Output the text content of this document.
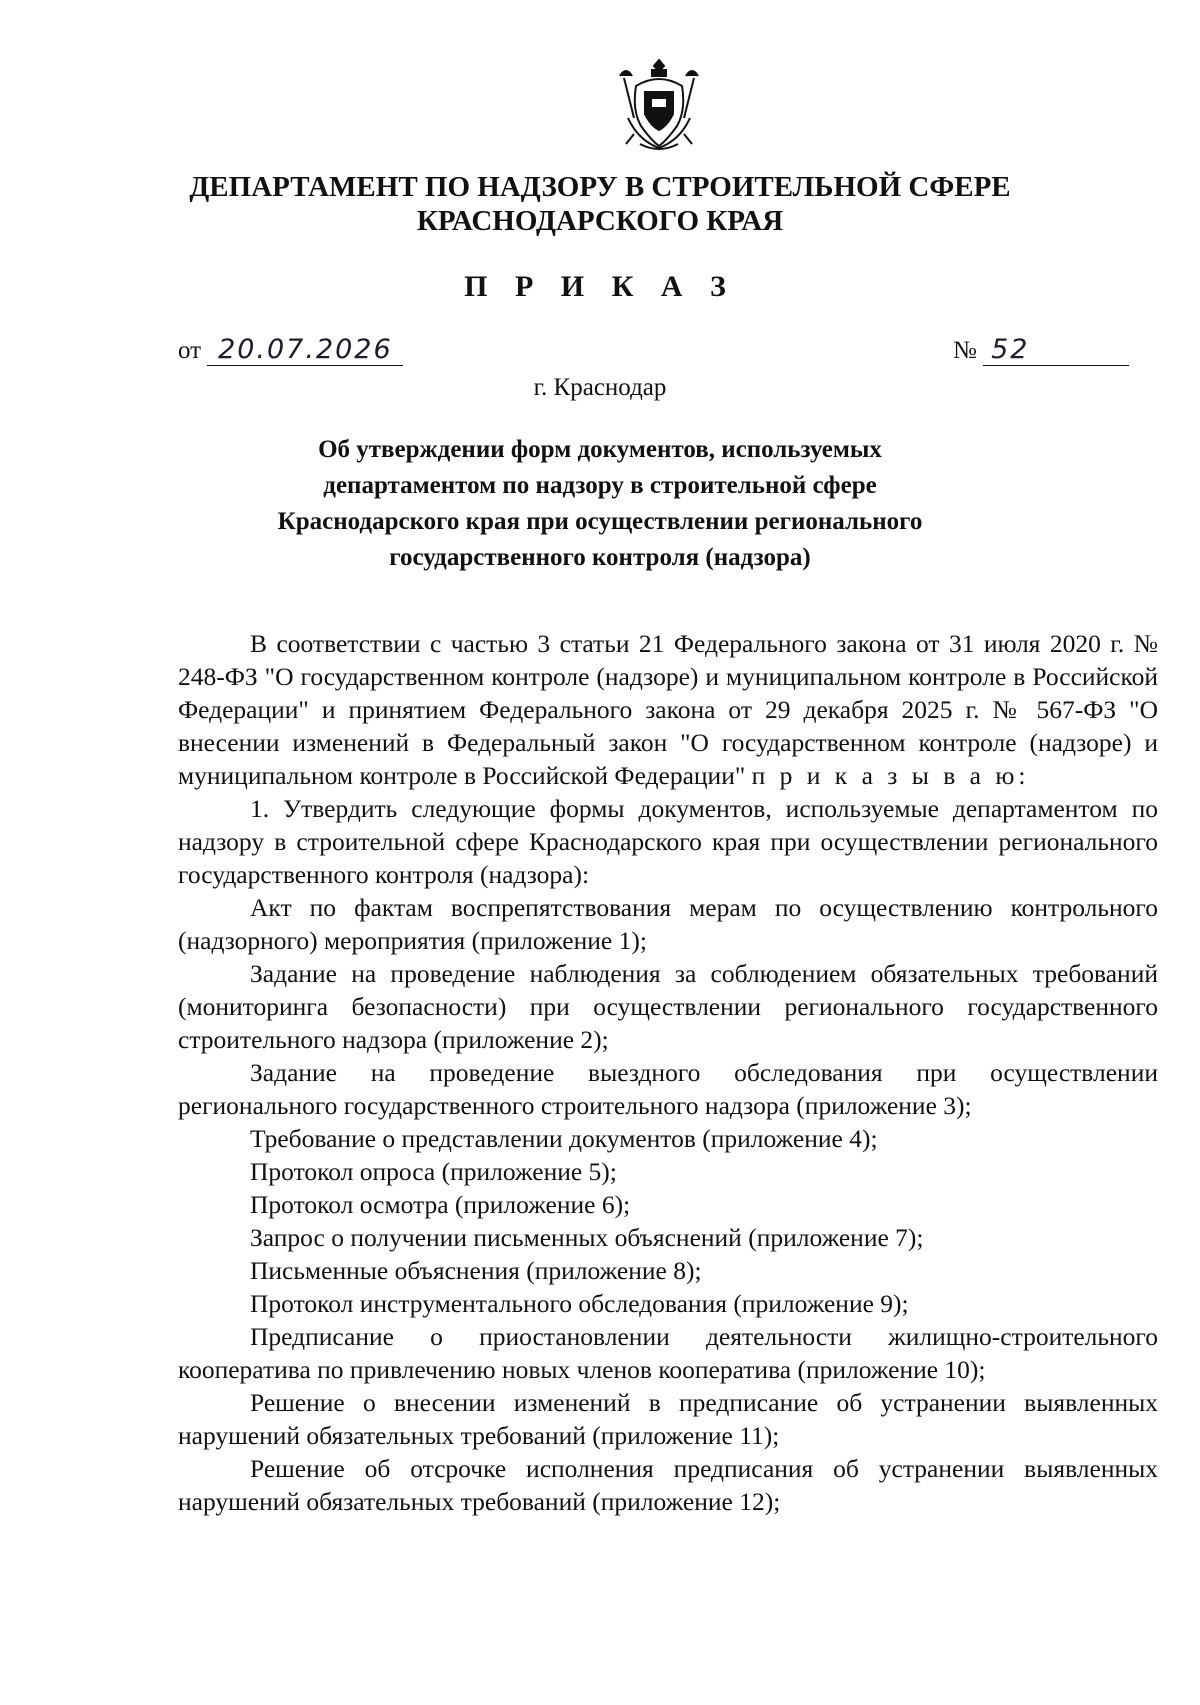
ДЕПАРТАМЕНТ ПО НАДЗОРУ В СТРОИТЕЛЬНОЙ СФЕРЕ
КРАСНОДАРСКОГО КРАЯ
П Р И К А З
от 20.07.2026	№ 52
г. Краснодар
Об утверждении форм документов, используемых
департаментом по надзору в строительной сфере
Краснодарского края при осуществлении регионального
государственного контроля (надзора)

В соответствии с частью 3 статьи 21 Федерального закона от 31 июля 2020 г. № 248-ФЗ "О государственном контроле (надзоре) и муниципальном контроле в Российской Федерации" и принятием Федерального закона от 29 декабря 2025 г. № 567-ФЗ "О внесении изменений в Федеральный закон "О государственном контроле (надзоре) и муниципальном контроле в Российской Федерации" п р и к а з ы в а ю:

1. Утвердить следующие формы документов, используемые департаментом по надзору в строительной сфере Краснодарского края при осуществлении регионального государственного контроля (надзора):

Акт по фактам воспрепятствования мерам по осуществлению контрольного (надзорного) мероприятия (приложение 1);

Задание на проведение наблюдения за соблюдением обязательных требований (мониторинга безопасности) при осуществлении регионального государственного строительного надзора (приложение 2);

Задание на проведение выездного обследования при осуществлении регионального государственного строительного надзора (приложение 3);

Требование о представлении документов (приложение 4);

Протокол опроса (приложение 5);

Протокол осмотра (приложение 6);

Запрос о получении письменных объяснений (приложение 7);

Письменные объяснения (приложение 8);

Протокол инструментального обследования (приложение 9);

Предписание о приостановлении деятельности жилищно-строительного кооператива по привлечению новых членов кооператива (приложение 10);

Решение о внесении изменений в предписание об устранении выявленных нарушений обязательных требований (приложение 11);

Решение об отсрочке исполнения предписания об устранении выявленных нарушений обязательных требований (приложение 12);
